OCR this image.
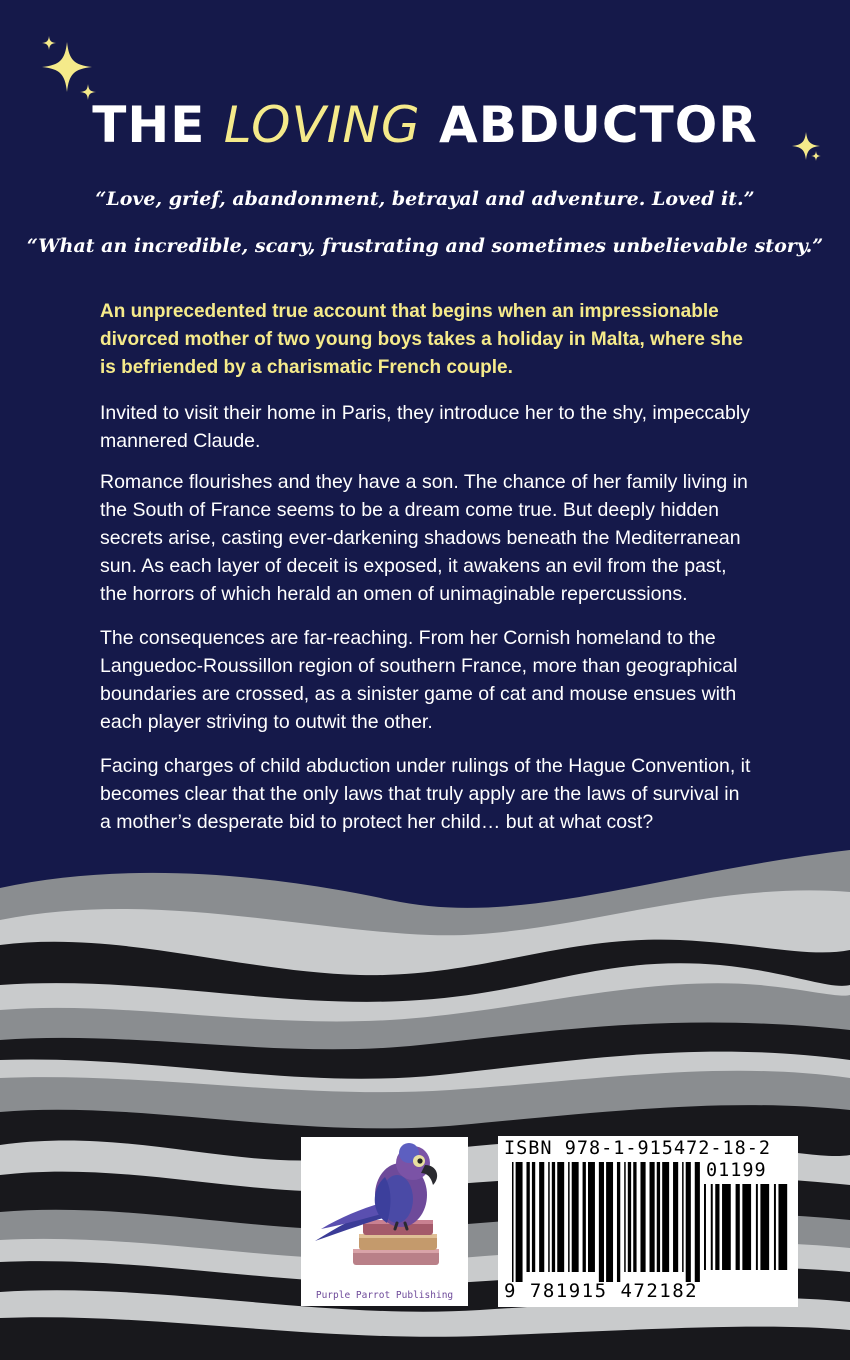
THE LOVING ABDUCTOR
“Love, grief, abandonment, betrayal and adventure. Loved it.”
“What an incredible, scary, frustrating and sometimes unbelievable story.”

An unprecedented true account that begins when an impressionable divorced mother of two young boys takes a holiday in Malta, where she is befriended by a charismatic French couple.

Invited to visit their home in Paris, they introduce her to the shy, impeccably mannered Claude.

Romance flourishes and they have a son. The chance of her family living in the South of France seems to be a dream come true. But deeply hidden secrets arise, casting ever-darkening shadows beneath the Mediterranean sun. As each layer of deceit is exposed, it awakens an evil from the past, the horrors of which herald an omen of unimaginable repercussions.

The consequences are far-reaching. From her Cornish homeland to the Languedoc-Roussillon region of southern France, more than geographical boundaries are crossed, as a sinister game of cat and mouse ensues with each player striving to outwit the other.

Facing charges of child abduction under rulings of the Hague Convention, it becomes clear that the only laws that truly apply are the laws of survival in a mother’s desperate bid to protect her child… but at what cost?

Purple Parrot Publishing
ISBN 978-1-915472-18-2
01199
9 781915 472182
